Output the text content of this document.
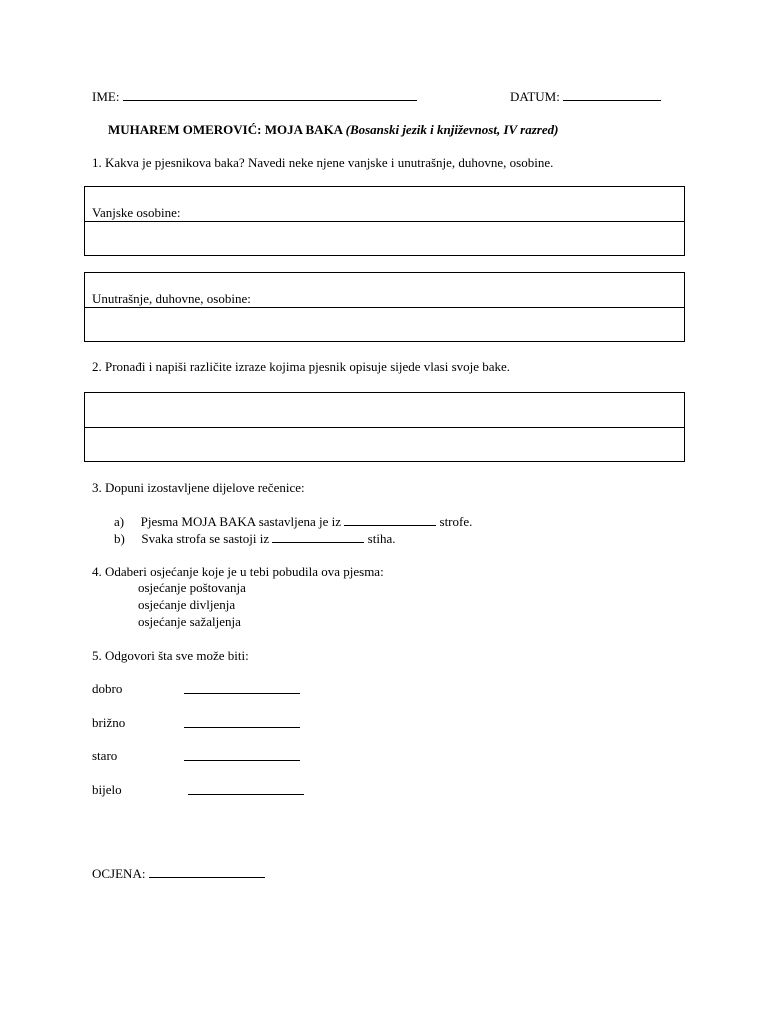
IME:	DATUM:
MUHAREM OMEROVIĆ: MOJA BAKA (Bosanski jezik i književnost, IV razred)
1. Kakva je pjesnikova baka? Navedi neke njene vanjske i unutrašnje, duhovne, osobine.
Vanjske osobine:
Unutrašnje, duhovne, osobine:
2. Pronađi i napiši različite izraze kojima pjesnik opisuje sijede vlasi svoje bake.
3. Dopuni izostavljene dijelove rečenice:
a) Pjesma MOJA BAKA sastavljena je iz	strofe.
b) Svaka strofa se sastoji iz	stiha.
4. Odaberi osjećanje koje je u tebi pobudila ova pjesma:
osjećanje poštovanja
osjećanje divljenja
osjećanje sažaljenja
5. Odgovori šta sve može biti:
dobro
brižno
staro
bijelo
OCJENA:
